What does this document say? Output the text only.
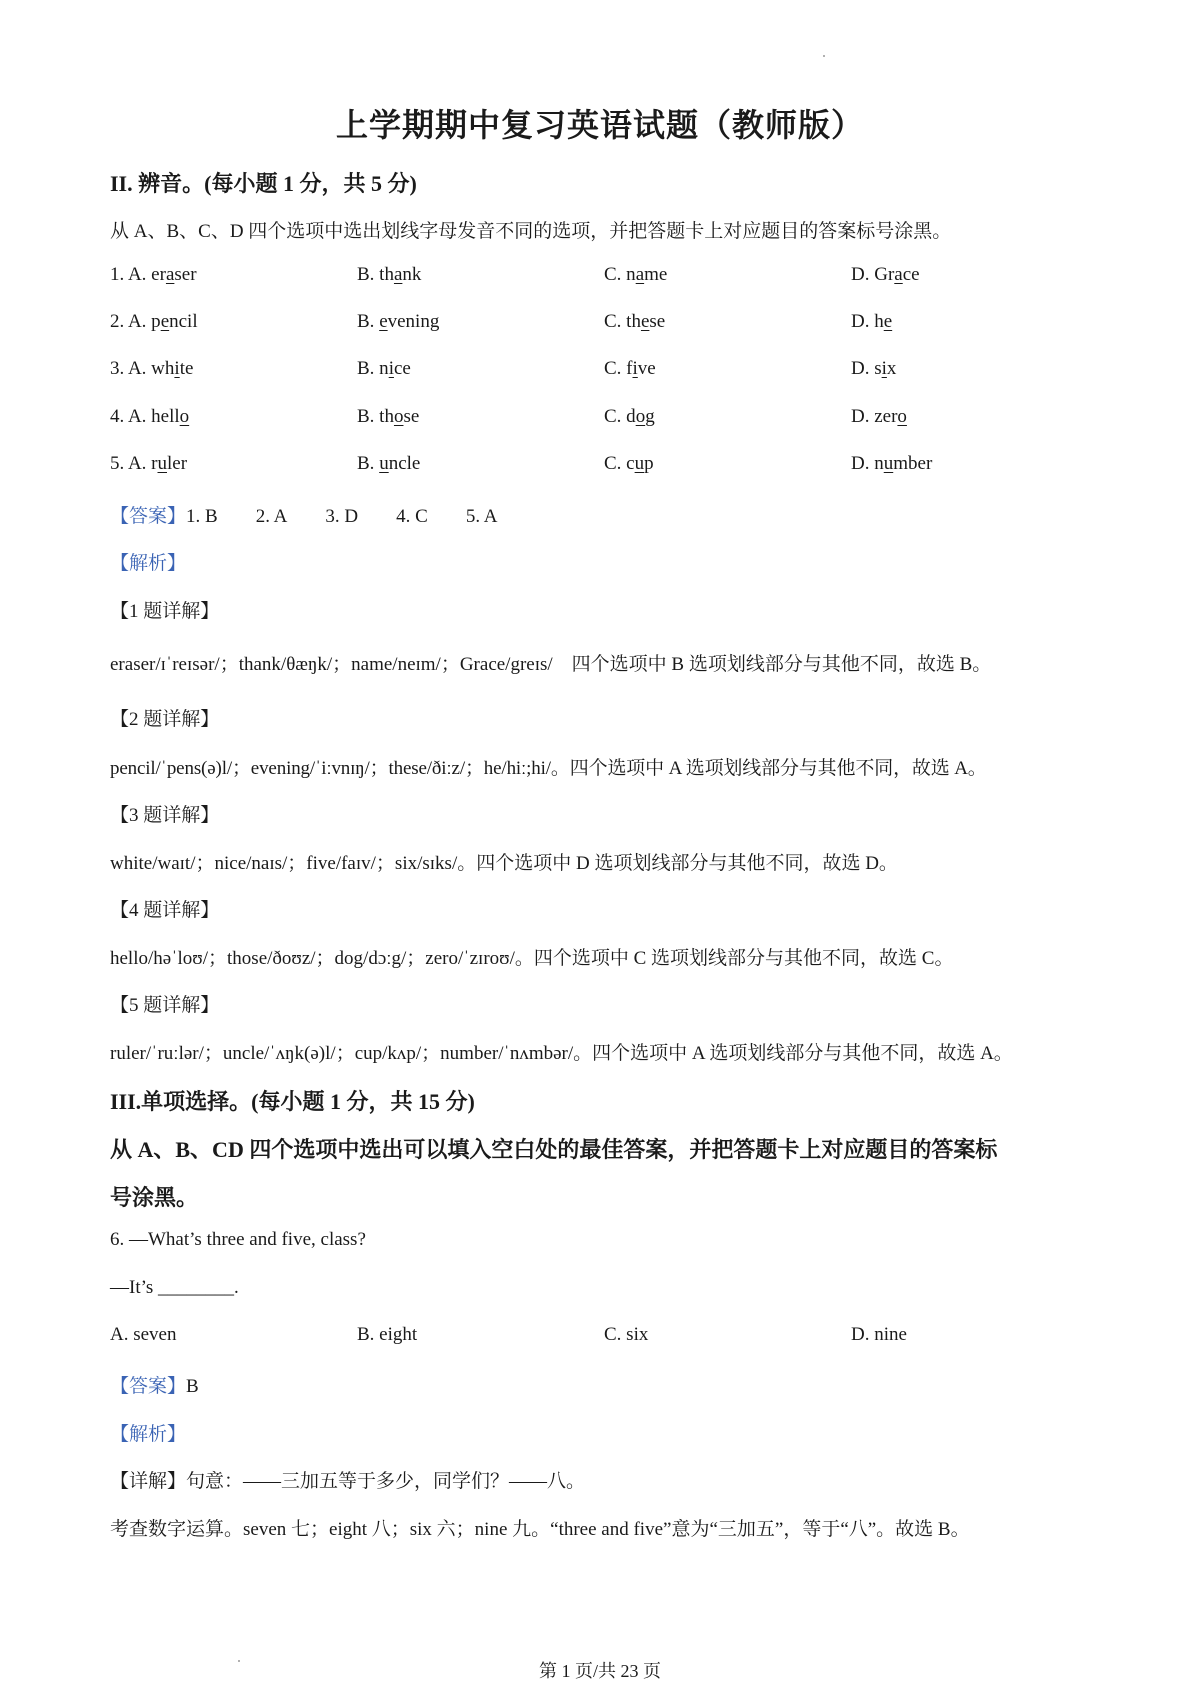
上学期期中复习英语试题（教师版）
II. 辨音。(每小题 1 分，共 5 分)
从 A、B、C、D 四个选项中选出划线字母发音不同的选项，并把答题卡上对应题目的答案标号涂黑。
1. A. eraser	B. thank	C. name	D. Grace
2. A. pencil	B. evening	C. these	D. he
3. A. white	B. nice	C. five	D. six
4. A. hello	B. those	C. dog	D. zero
5. A. ruler	B. uncle	C. cup	D. number
【答案】1. B 2. A 3. D 4. C 5. A
【解析】
【1 题详解】
eraser/ɪˈreɪsər/；thank/θæŋk/；name/neɪm/；Grace/greɪs/　四个选项中 B 选项划线部分与其他不同，故选 B。
【2 题详解】
pencil/ˈpens(ə)l/；evening/ˈiːvnɪŋ/；these/ðiːz/；he/hiː;hi/。四个选项中 A 选项划线部分与其他不同，故选 A。
【3 题详解】
white/waɪt/；nice/naɪs/；five/faɪv/；six/sɪks/。四个选项中 D 选项划线部分与其他不同，故选 D。
【4 题详解】
hello/həˈloʊ/；those/ðoʊz/；dog/dɔːg/；zero/ˈzɪroʊ/。四个选项中 C 选项划线部分与其他不同，故选 C。
【5 题详解】
ruler/ˈruːlər/；uncle/ˈʌŋk(ə)l/；cup/kʌp/；number/ˈnʌmbər/。四个选项中 A 选项划线部分与其他不同，故选 A。
III.单项选择。(每小题 1 分，共 15 分)
从 A、B、CD 四个选项中选出可以填入空白处的最佳答案，并把答题卡上对应题目的答案标
号涂黑。
6. —What’s three and five, class?
—It’s ________.
A. seven	B. eight	C. six	D. nine
【答案】B
【解析】
【详解】句意：——三加五等于多少，同学们？——八。
考查数字运算。seven 七；eight 八；six 六；nine 九。“three and five”意为“三加五”，等于“八”。故选 B。
第 1 页/共 23 页
